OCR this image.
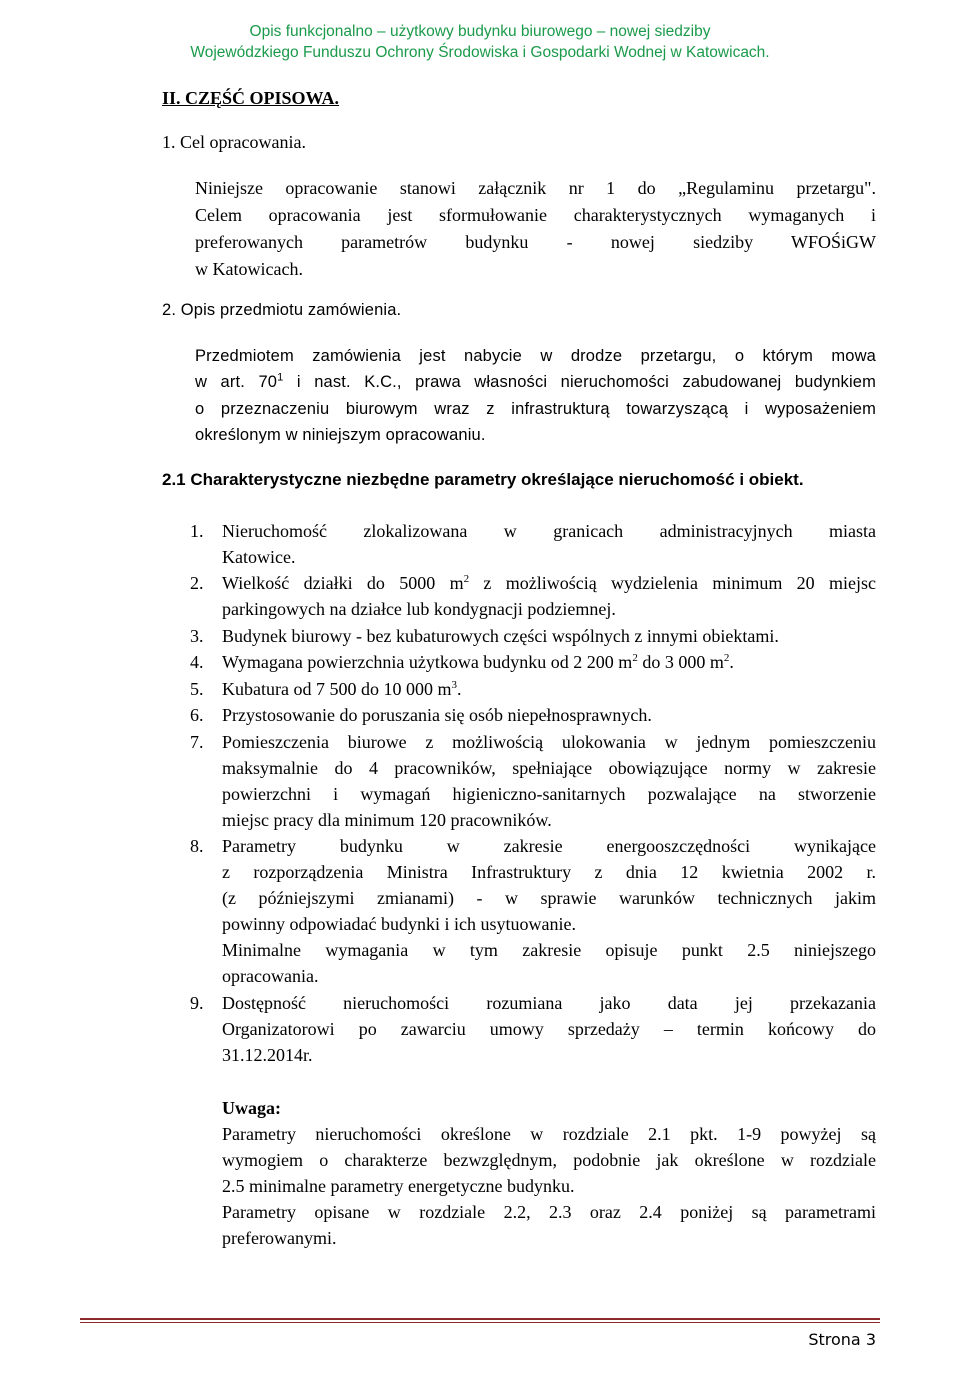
Opis funkcjonalno – użytkowy budynku biurowego – nowej siedziby
Wojewódzkiego Funduszu Ochrony Środowiska i Gospodarki Wodnej w Katowicach.
II. CZĘŚĆ OPISOWA.
1. Cel opracowania.
Niniejsze opracowanie stanowi załącznik nr 1 do „Regulaminu przetargu".
Celem opracowania jest sformułowanie charakterystycznych wymaganych i
preferowanych parametrów budynku - nowej siedziby WFOŚiGW
w Katowicach.
2. Opis przedmiotu zamówienia.
Przedmiotem zamówienia jest nabycie w drodze przetargu, o którym mowa
w art. $70^1$ i nast. K.C., prawa własności nieruchomości zabudowanej budynkiem
o przeznaczeniu biurowym wraz z infrastrukturą towarzyszącą i wyposażeniem
określonym w niniejszym opracowaniu.
2.1 Charakterystyczne niezbędne parametry określające nieruchomość i obiekt.
1. Nieruchomość zlokalizowana w granicach administracyjnych miasta
Katowice.
2. Wielkość działki do 5000 $m^2$ z możliwością wydzielenia minimum 20 miejsc
parkingowych na działce lub kondygnacji podziemnej.
3. Budynek biurowy - bez kubaturowych części wspólnych z innymi obiektami.
4. Wymagana powierzchnia użytkowa budynku od 2 200 $m^2$ do 3 000 $m^2$.
5. Kubatura od 7 500 do 10 000 $m^3$.
6. Przystosowanie do poruszania się osób niepełnosprawnych.
7. Pomieszczenia biurowe z możliwością ulokowania w jednym pomieszczeniu
maksymalnie do 4 pracowników, spełniające obowiązujące normy w zakresie
powierzchni i wymagań higieniczno-sanitarnych pozwalające na stworzenie
miejsc pracy dla minimum 120 pracowników.
8. Parametry budynku w zakresie energooszczędności wynikające
z rozporządzenia Ministra Infrastruktury z dnia 12 kwietnia 2002 r.
(z późniejszymi zmianami) - w sprawie warunków technicznych jakim
powinny odpowiadać budynki i ich usytuowanie.
Minimalne wymagania w tym zakresie opisuje punkt 2.5 niniejszego
opracowania.
9. Dostępność nieruchomości rozumiana jako data jej przekazania
Organizatorowi po zawarciu umowy sprzedaży – termin końcowy do
31.12.2014r.
Uwaga:
Parametry nieruchomości określone w rozdziale 2.1 pkt. 1-9 powyżej są
wymogiem o charakterze bezwzględnym, podobnie jak określone w rozdziale
2.5 minimalne parametry energetyczne budynku.
Parametry opisane w rozdziale 2.2, 2.3 oraz 2.4 poniżej są parametrami
preferowanymi.
Strona 3
